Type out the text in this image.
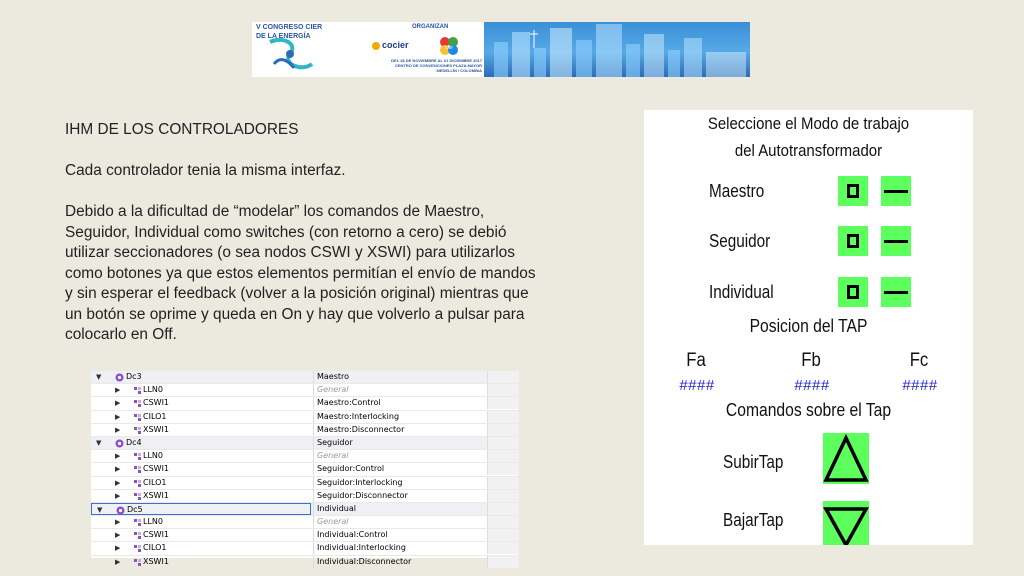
V CONGRESO CIER
DE LA ENERGÍA
ORGANIZAN
cocier	cier
DEL 28 DE NOVIEMBRE AL 01 DICIEMBRE 2017
CENTRO DE CONVENCIONES PLAZA MAYOR
MEDELLÍN / COLOMBIA

IHM DE LOS CONTROLADORES

Cada controlador tenia la misma interfaz.

Debido a la dificultad de “modelar” los comandos de Maestro, Seguidor, Individual como switches (con retorno a cero) se debió utilizar seccionadores (o sea nodos CSWI y XSWI) para utilizarlos como botones ya que estos elementos permitían el envío de mandos y sin esperar el feedback (volver a la posición original) mientras que un botón se oprime y queda en On y hay que volverlo a pulsar para colocarlo en Off.

▼	Dc3	Maestro
▶	LLN0	General
▶	CSWI1	Maestro:Control
▶	CILO1	Maestro:Interlocking
▶	XSWI1	Maestro:Disconnector
▼	Dc4	Seguidor
▶	LLN0	General
▶	CSWI1	Seguidor:Control
▶	CILO1	Seguidor:Interlocking
▶	XSWI1	Seguidor:Disconnector
▼	Dc5	Individual
▶	LLN0	General
▶	CSWI1	Individual:Control
▶	CILO1	Individual:Interlocking
▶	XSWI1	Individual:Disconnector
Seleccione el Modo de trabajo
del Autotransformador
Maestro
Seguidor
Individual
Posicion del TAP
Fa	Fb	Fc
####	####	####
Comandos sobre el Tap
SubirTap
BajarTap
